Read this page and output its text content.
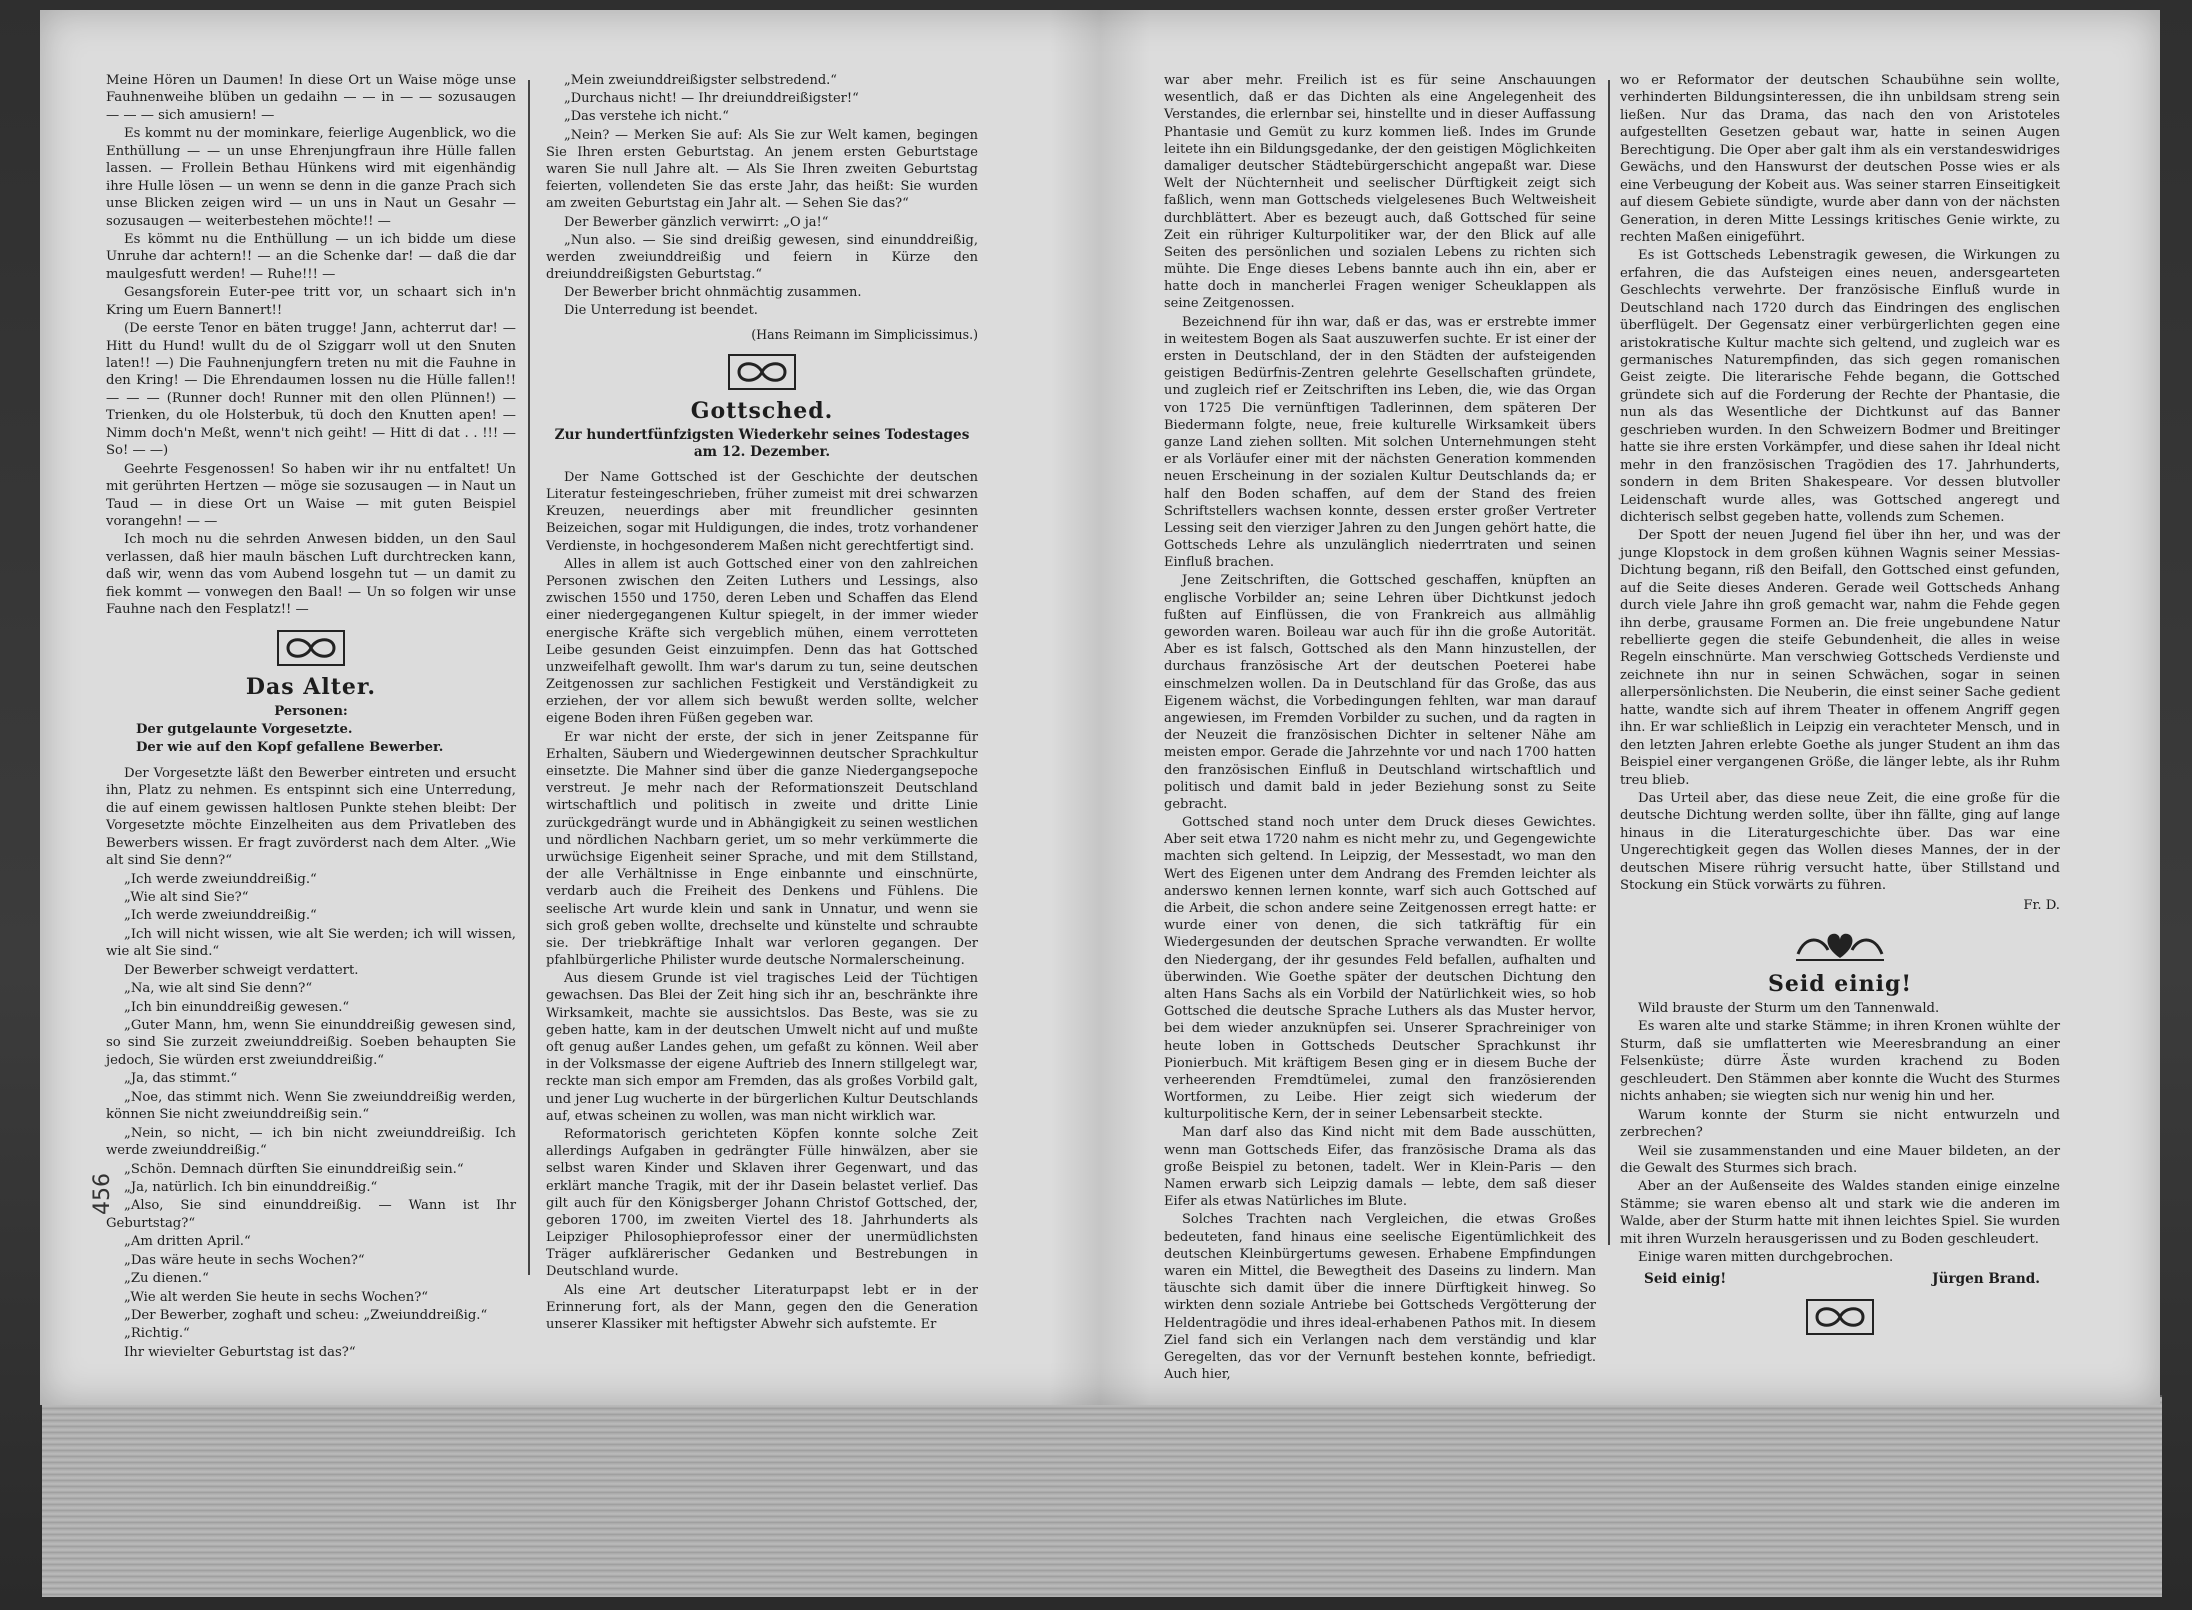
Meine Hören un Daumen! In diese Ort un Waise möge unse Fauhnenweihe blüben un gedaihn — — in — — sozusaugen — — — sich amusiern! —

Es kommt nu der mominkare, feierlige Augenblick, wo die Enthüllung — — un unse Ehrenjungfraun ihre Hülle fallen lassen. — Frollein Bethau Hünkens wird mit eigenhändig ihre Hulle lösen — un wenn se denn in die ganze Prach sich unse Blicken zeigen wird — un uns in Naut un Gesahr — sozusaugen — weiterbestehen möchte!! —

Es kömmt nu die Enthüllung — un ich bidde um diese Unruhe dar achtern!! — an die Schenke dar! — daß die dar maulgesfutt werden! — Ruhe!!! —

Gesangsforein Euter-pee tritt vor, un schaart sich in'n Kring um Euern Bannert!!

(De eerste Tenor en bäten trugge! Jann, achterrut dar! — Hitt du Hund! wullt du de ol Sziggarr woll ut den Snuten laten!! —) Die Fauhnenjungfern treten nu mit die Fauhne in den Kring! — Die Ehrendaumen lossen nu die Hülle fallen!! — — — (Runner doch! Runner mit den ollen Plünnen!) — Trienken, du ole Holsterbuk, tü doch den Knutten apen! — Nimm doch'n Meßt, wenn't nich geiht! — Hitt di dat . . !!! — So! — —)

Geehrte Fesgenossen! So haben wir ihr nu entfaltet! Un mit gerührten Hertzen — möge sie sozusaugen — in Naut un Taud — in diese Ort un Waise — mit guten Beispiel vorangehn! — —

Ich moch nu die sehrden Anwesen bidden, un den Saul verlassen, daß hier mauln bäschen Luft durchtrecken kann, daß wir, wenn das vom Aubend losgehn tut — un damit zu fiek kommt — vonwegen den Baal! — Un so folgen wir unse Fauhne nach den Fesplatz!! —

Das Alter.

Personen:

Der gutgelaunte Vorgesetzte.

Der wie auf den Kopf gefallene Bewerber.

Der Vorgesetzte läßt den Bewerber eintreten und ersucht ihn, Platz zu nehmen. Es entspinnt sich eine Unterredung, die auf einem gewissen haltlosen Punkte stehen bleibt: Der Vorgesetzte möchte Einzelheiten aus dem Privatleben des Bewerbers wissen. Er fragt zuvörderst nach dem Alter. „Wie alt sind Sie denn?“

„Ich werde zweiunddreißig.“

„Wie alt sind Sie?“

„Ich werde zweiunddreißig.“

„Ich will nicht wissen, wie alt Sie werden; ich will wissen, wie alt Sie sind.“

Der Bewerber schweigt verdattert.

„Na, wie alt sind Sie denn?“

„Ich bin einunddreißig gewesen.“

„Guter Mann, hm, wenn Sie einunddreißig gewesen sind, so sind Sie zurzeit zweiunddreißig. Soeben behaupten Sie jedoch, Sie würden erst zweiunddreißig.“

„Ja, das stimmt.“

„Noe, das stimmt nich. Wenn Sie zweiunddreißig werden, können Sie nicht zweiunddreißig sein.“

„Nein, so nicht, — ich bin nicht zweiunddreißig. Ich werde zweiunddreißig.“

„Schön. Demnach dürften Sie einunddreißig sein.“

„Ja, natürlich. Ich bin einunddreißig.“

„Also, Sie sind einunddreißig. — Wann ist Ihr Geburtstag?“

„Am dritten April.“

„Das wäre heute in sechs Wochen?“

„Zu dienen.“

„Wie alt werden Sie heute in sechs Wochen?“

„Der Bewerber, zoghaft und scheu: „Zweiunddreißig.“

„Richtig.“

Ihr wievielter Geburtstag ist das?“

„Mein zweiunddreißigster selbstredend.“

„Durchaus nicht! — Ihr dreiunddreißigster!“

„Das verstehe ich nicht.“

„Nein? — Merken Sie auf: Als Sie zur Welt kamen, begingen Sie Ihren ersten Geburtstag. An jenem ersten Geburtstage waren Sie null Jahre alt. — Als Sie Ihren zweiten Geburtstag feierten, vollendeten Sie das erste Jahr, das heißt: Sie wurden am zweiten Geburtstag ein Jahr alt. — Sehen Sie das?“

Der Bewerber gänzlich verwirrt: „O ja!“

„Nun also. — Sie sind dreißig gewesen, sind einunddreißig, werden zweiunddreißig und feiern in Kürze den dreiunddreißigsten Geburtstag.“

Der Bewerber bricht ohnmächtig zusammen.

Die Unterredung ist beendet.

(Hans Reimann im Simplicissimus.)

Gottsched.
Zur hundertfünfzigsten Wiederkehr seines Todestages am 12. Dezember.

Der Name Gottsched ist der Geschichte der deutschen Literatur festeingeschrieben, früher zumeist mit drei schwarzen Kreuzen, neuerdings aber mit freundlicher gesinnten Beizeichen, sogar mit Huldigungen, die indes, trotz vorhandener Verdienste, in hochgesonderem Maßen nicht gerechtfertigt sind.

Alles in allem ist auch Gottsched einer von den zahlreichen Personen zwischen den Zeiten Luthers und Lessings, also zwischen 1550 und 1750, deren Leben und Schaffen das Elend einer niedergegangenen Kultur spiegelt, in der immer wieder energische Kräfte sich vergeblich mühen, einem verrotteten Leibe gesunden Geist einzuimpfen. Denn das hat Gottsched unzweifelhaft gewollt. Ihm war's darum zu tun, seine deutschen Zeitgenossen zur sachlichen Festigkeit und Verständigkeit zu erziehen, der vor allem sich bewußt werden sollte, welcher eigene Boden ihren Füßen gegeben war.

Er war nicht der erste, der sich in jener Zeitspanne für Erhalten, Säubern und Wiedergewinnen deutscher Sprachkultur einsetzte. Die Mahner sind über die ganze Niedergangsepoche verstreut. Je mehr nach der Reformationszeit Deutschland wirtschaftlich und politisch in zweite und dritte Linie zurückgedrängt wurde und in Abhängigkeit zu seinen westlichen und nördlichen Nachbarn geriet, um so mehr verkümmerte die urwüchsige Eigenheit seiner Sprache, und mit dem Stillstand, der alle Verhältnisse in Enge einbannte und einschnürte, verdarb auch die Freiheit des Denkens und Fühlens. Die seelische Art wurde klein und sank in Unnatur, und wenn sie sich groß geben wollte, drechselte und künstelte und schraubte sie. Der triebkräftige Inhalt war verloren gegangen. Der pfahlbürgerliche Philister wurde deutsche Normalerscheinung.

Aus diesem Grunde ist viel tragisches Leid der Tüchtigen gewachsen. Das Blei der Zeit hing sich ihr an, beschränkte ihre Wirksamkeit, machte sie aussichtslos. Das Beste, was sie zu geben hatte, kam in der deutschen Umwelt nicht auf und mußte oft genug außer Landes gehen, um gefaßt zu können. Weil aber in der Volksmasse der eigene Auftrieb des Innern stillgelegt war, reckte man sich empor am Fremden, das als großes Vorbild galt, und jener Lug wucherte in der bürgerlichen Kultur Deutschlands auf, etwas scheinen zu wollen, was man nicht wirklich war.

Reformatorisch gerichteten Köpfen konnte solche Zeit allerdings Aufgaben in gedrängter Fülle hinwälzen, aber sie selbst waren Kinder und Sklaven ihrer Gegenwart, und das erklärt manche Tragik, mit der ihr Dasein belastet verlief. Das gilt auch für den Königsberger Johann Christof Gottsched, der, geboren 1700, im zweiten Viertel des 18. Jahrhunderts als Leipziger Philosophieprofessor einer der unermüdlichsten Träger aufklärerischer Gedanken und Bestrebungen in Deutschland wurde.

Als eine Art deutscher Literaturpapst lebt er in der Erinnerung fort, als der Mann, gegen den die Generation unserer Klassiker mit heftigster Abwehr sich aufstemte. Er

war aber mehr. Freilich ist es für seine Anschauungen wesentlich, daß er das Dichten als eine Angelegenheit des Verstandes, die erlernbar sei, hinstellte und in dieser Auffassung Phantasie und Gemüt zu kurz kommen ließ. Indes im Grunde leitete ihn ein Bildungsgedanke, der den geistigen Möglichkeiten damaliger deutscher Städtebürgerschicht angepaßt war. Diese Welt der Nüchternheit und seelischer Dürftigkeit zeigt sich faßlich, wenn man Gottscheds vielgelesenes Buch Weltweisheit durchblättert. Aber es bezeugt auch, daß Gottsched für seine Zeit ein rühriger Kulturpolitiker war, der den Blick auf alle Seiten des persönlichen und sozialen Lebens zu richten sich mühte. Die Enge dieses Lebens bannte auch ihn ein, aber er hatte doch in mancherlei Fragen weniger Scheuklappen als seine Zeitgenossen.

Bezeichnend für ihn war, daß er das, was er erstrebte immer in weitestem Bogen als Saat auszuwerfen suchte. Er ist einer der ersten in Deutschland, der in den Städten der aufsteigenden geistigen Bedürfnis-Zentren gelehrte Gesellschaften gründete, und zugleich rief er Zeitschriften ins Leben, die, wie das Organ von 1725 Die vernünftigen Tadlerinnen, dem späteren Der Biedermann folgte, neue, freie kulturelle Wirksamkeit übers ganze Land ziehen sollten. Mit solchen Unternehmungen steht er als Vorläufer einer mit der nächsten Generation kommenden neuen Erscheinung in der sozialen Kultur Deutschlands da; er half den Boden schaffen, auf dem der Stand des freien Schriftstellers wachsen konnte, dessen erster großer Vertreter Lessing seit den vierziger Jahren zu den Jungen gehört hatte, die Gottscheds Lehre als unzulänglich niederrtraten und seinen Einfluß brachen.

Jene Zeitschriften, die Gottsched geschaffen, knüpften an englische Vorbilder an; seine Lehren über Dichtkunst jedoch fußten auf Einflüssen, die von Frankreich aus allmählig geworden waren. Boileau war auch für ihn die große Autorität. Aber es ist falsch, Gottsched als den Mann hinzustellen, der durchaus französische Art der deutschen Poeterei habe einschmelzen wollen. Da in Deutschland für das Große, das aus Eigenem wächst, die Vorbedingungen fehlten, war man darauf angewiesen, im Fremden Vorbilder zu suchen, und da ragten in der Neuzeit die französischen Dichter in seltener Nähe am meisten empor. Gerade die Jahrzehnte vor und nach 1700 hatten den französischen Einfluß in Deutschland wirtschaftlich und politisch und damit bald in jeder Beziehung sonst zu Seite gebracht.

Gottsched stand noch unter dem Druck dieses Gewichtes. Aber seit etwa 1720 nahm es nicht mehr zu, und Gegengewichte machten sich geltend. In Leipzig, der Messestadt, wo man den Wert des Eigenen unter dem Andrang des Fremden leichter als anderswo kennen lernen konnte, warf sich auch Gottsched auf die Arbeit, die schon andere seine Zeitgenossen erregt hatte: er wurde einer von denen, die sich tatkräftig für ein Wiedergesunden der deutschen Sprache verwandten. Er wollte den Niedergang, der ihr gesundes Feld befallen, aufhalten und überwinden. Wie Goethe später der deutschen Dichtung den alten Hans Sachs als ein Vorbild der Natürlichkeit wies, so hob Gottsched die deutsche Sprache Luthers als das Muster hervor, bei dem wieder anzuknüpfen sei. Unserer Sprachreiniger von heute loben in Gottscheds Deutscher Sprachkunst ihr Pionierbuch. Mit kräftigem Besen ging er in diesem Buche der verheerenden Fremdtümelei, zumal den französierenden Wortformen, zu Leibe. Hier zeigt sich wiederum der kulturpolitische Kern, der in seiner Lebensarbeit steckte.

Man darf also das Kind nicht mit dem Bade ausschütten, wenn man Gottscheds Eifer, das französische Drama als das große Beispiel zu betonen, tadelt. Wer in Klein-Paris — den Namen erwarb sich Leipzig damals — lebte, dem saß dieser Eifer als etwas Natürliches im Blute.

Solches Trachten nach Vergleichen, die etwas Großes bedeuteten, fand hinaus eine seelische Eigentümlichkeit des deutschen Kleinbürgertums gewesen. Erhabene Empfindungen waren ein Mittel, die Bewegtheit des Daseins zu lindern. Man täuschte sich damit über die innere Dürftigkeit hinweg. So wirkten denn soziale Antriebe bei Gottscheds Vergötterung der Heldentragödie und ihres ideal-erhabenen Pathos mit. In diesem Ziel fand sich ein Verlangen nach dem verständig und klar Geregelten, das vor der Vernunft bestehen konnte, befriedigt. Auch hier,

wo er Reformator der deutschen Schaubühne sein wollte, verhinderten Bildungsinteressen, die ihn unbildsam streng sein ließen. Nur das Drama, das nach den von Aristoteles aufgestellten Gesetzen gebaut war, hatte in seinen Augen Berechtigung. Die Oper aber galt ihm als ein verstandeswidriges Gewächs, und den Hanswurst der deutschen Posse wies er als eine Verbeugung der Kobeit aus. Was seiner starren Einseitigkeit auf diesem Gebiete sündigte, wurde aber dann von der nächsten Generation, in deren Mitte Lessings kritisches Genie wirkte, zu rechten Maßen einigeführt.

Es ist Gottscheds Lebenstragik gewesen, die Wirkungen zu erfahren, die das Aufsteigen eines neuen, andersgearteten Geschlechts verwehrte. Der französische Einfluß wurde in Deutschland nach 1720 durch das Eindringen des englischen überflügelt. Der Gegensatz einer verbürgerlichten gegen eine aristokratische Kultur machte sich geltend, und zugleich war es germanisches Naturempfinden, das sich gegen romanischen Geist zeigte. Die literarische Fehde begann, die Gottsched gründete sich auf die Forderung der Rechte der Phantasie, die nun als das Wesentliche der Dichtkunst auf das Banner geschrieben wurden. In den Schweizern Bodmer und Breitinger hatte sie ihre ersten Vorkämpfer, und diese sahen ihr Ideal nicht mehr in den französischen Tragödien des 17. Jahrhunderts, sondern in dem Briten Shakespeare. Vor dessen blutvoller Leidenschaft wurde alles, was Gottsched angeregt und dichterisch selbst gegeben hatte, vollends zum Schemen.

Der Spott der neuen Jugend fiel über ihn her, und was der junge Klopstock in dem großen kühnen Wagnis seiner Messias-Dichtung begann, riß den Beifall, den Gottsched einst gefunden, auf die Seite dieses Anderen. Gerade weil Gottscheds Anhang durch viele Jahre ihn groß gemacht war, nahm die Fehde gegen ihn derbe, grausame Formen an. Die freie ungebundene Natur rebellierte gegen die steife Gebundenheit, die alles in weise Regeln einschnürte. Man verschwieg Gottscheds Verdienste und zeichnete ihn nur in seinen Schwächen, sogar in seinen allerpersönlichsten. Die Neuberin, die einst seiner Sache gedient hatte, wandte sich auf ihrem Theater in offenem Angriff gegen ihn. Er war schließlich in Leipzig ein verachteter Mensch, und in den letzten Jahren erlebte Goethe als junger Student an ihm das Beispiel einer vergangenen Größe, die länger lebte, als ihr Ruhm treu blieb.

Das Urteil aber, das diese neue Zeit, die eine große für die deutsche Dichtung werden sollte, über ihn fällte, ging auf lange hinaus in die Literaturgeschichte über. Das war eine Ungerechtigkeit gegen das Wollen dieses Mannes, der in der deutschen Misere rührig versucht hatte, über Stillstand und Stockung ein Stück vorwärts zu führen.

Fr. D.

Seid einig!

Wild brauste der Sturm um den Tannenwald.

Es waren alte und starke Stämme; in ihren Kronen wühlte der Sturm, daß sie umflatterten wie Meeresbrandung an einer Felsenküste; dürre Äste wurden krachend zu Boden geschleudert. Den Stämmen aber konnte die Wucht des Sturmes nichts anhaben; sie wiegten sich nur wenig hin und her.

Warum konnte der Sturm sie nicht entwurzeln und zerbrechen?

Weil sie zusammenstanden und eine Mauer bildeten, an der die Gewalt des Sturmes sich brach.

Aber an der Außenseite des Waldes standen einige einzelne Stämme; sie waren ebenso alt und stark wie die anderen im Walde, aber der Sturm hatte mit ihnen leichtes Spiel. Sie wurden mit ihren Wurzeln herausgerissen und zu Boden geschleudert.

Einige waren mitten durchgebrochen.

Seid einig!	Jürgen Brand.
456
